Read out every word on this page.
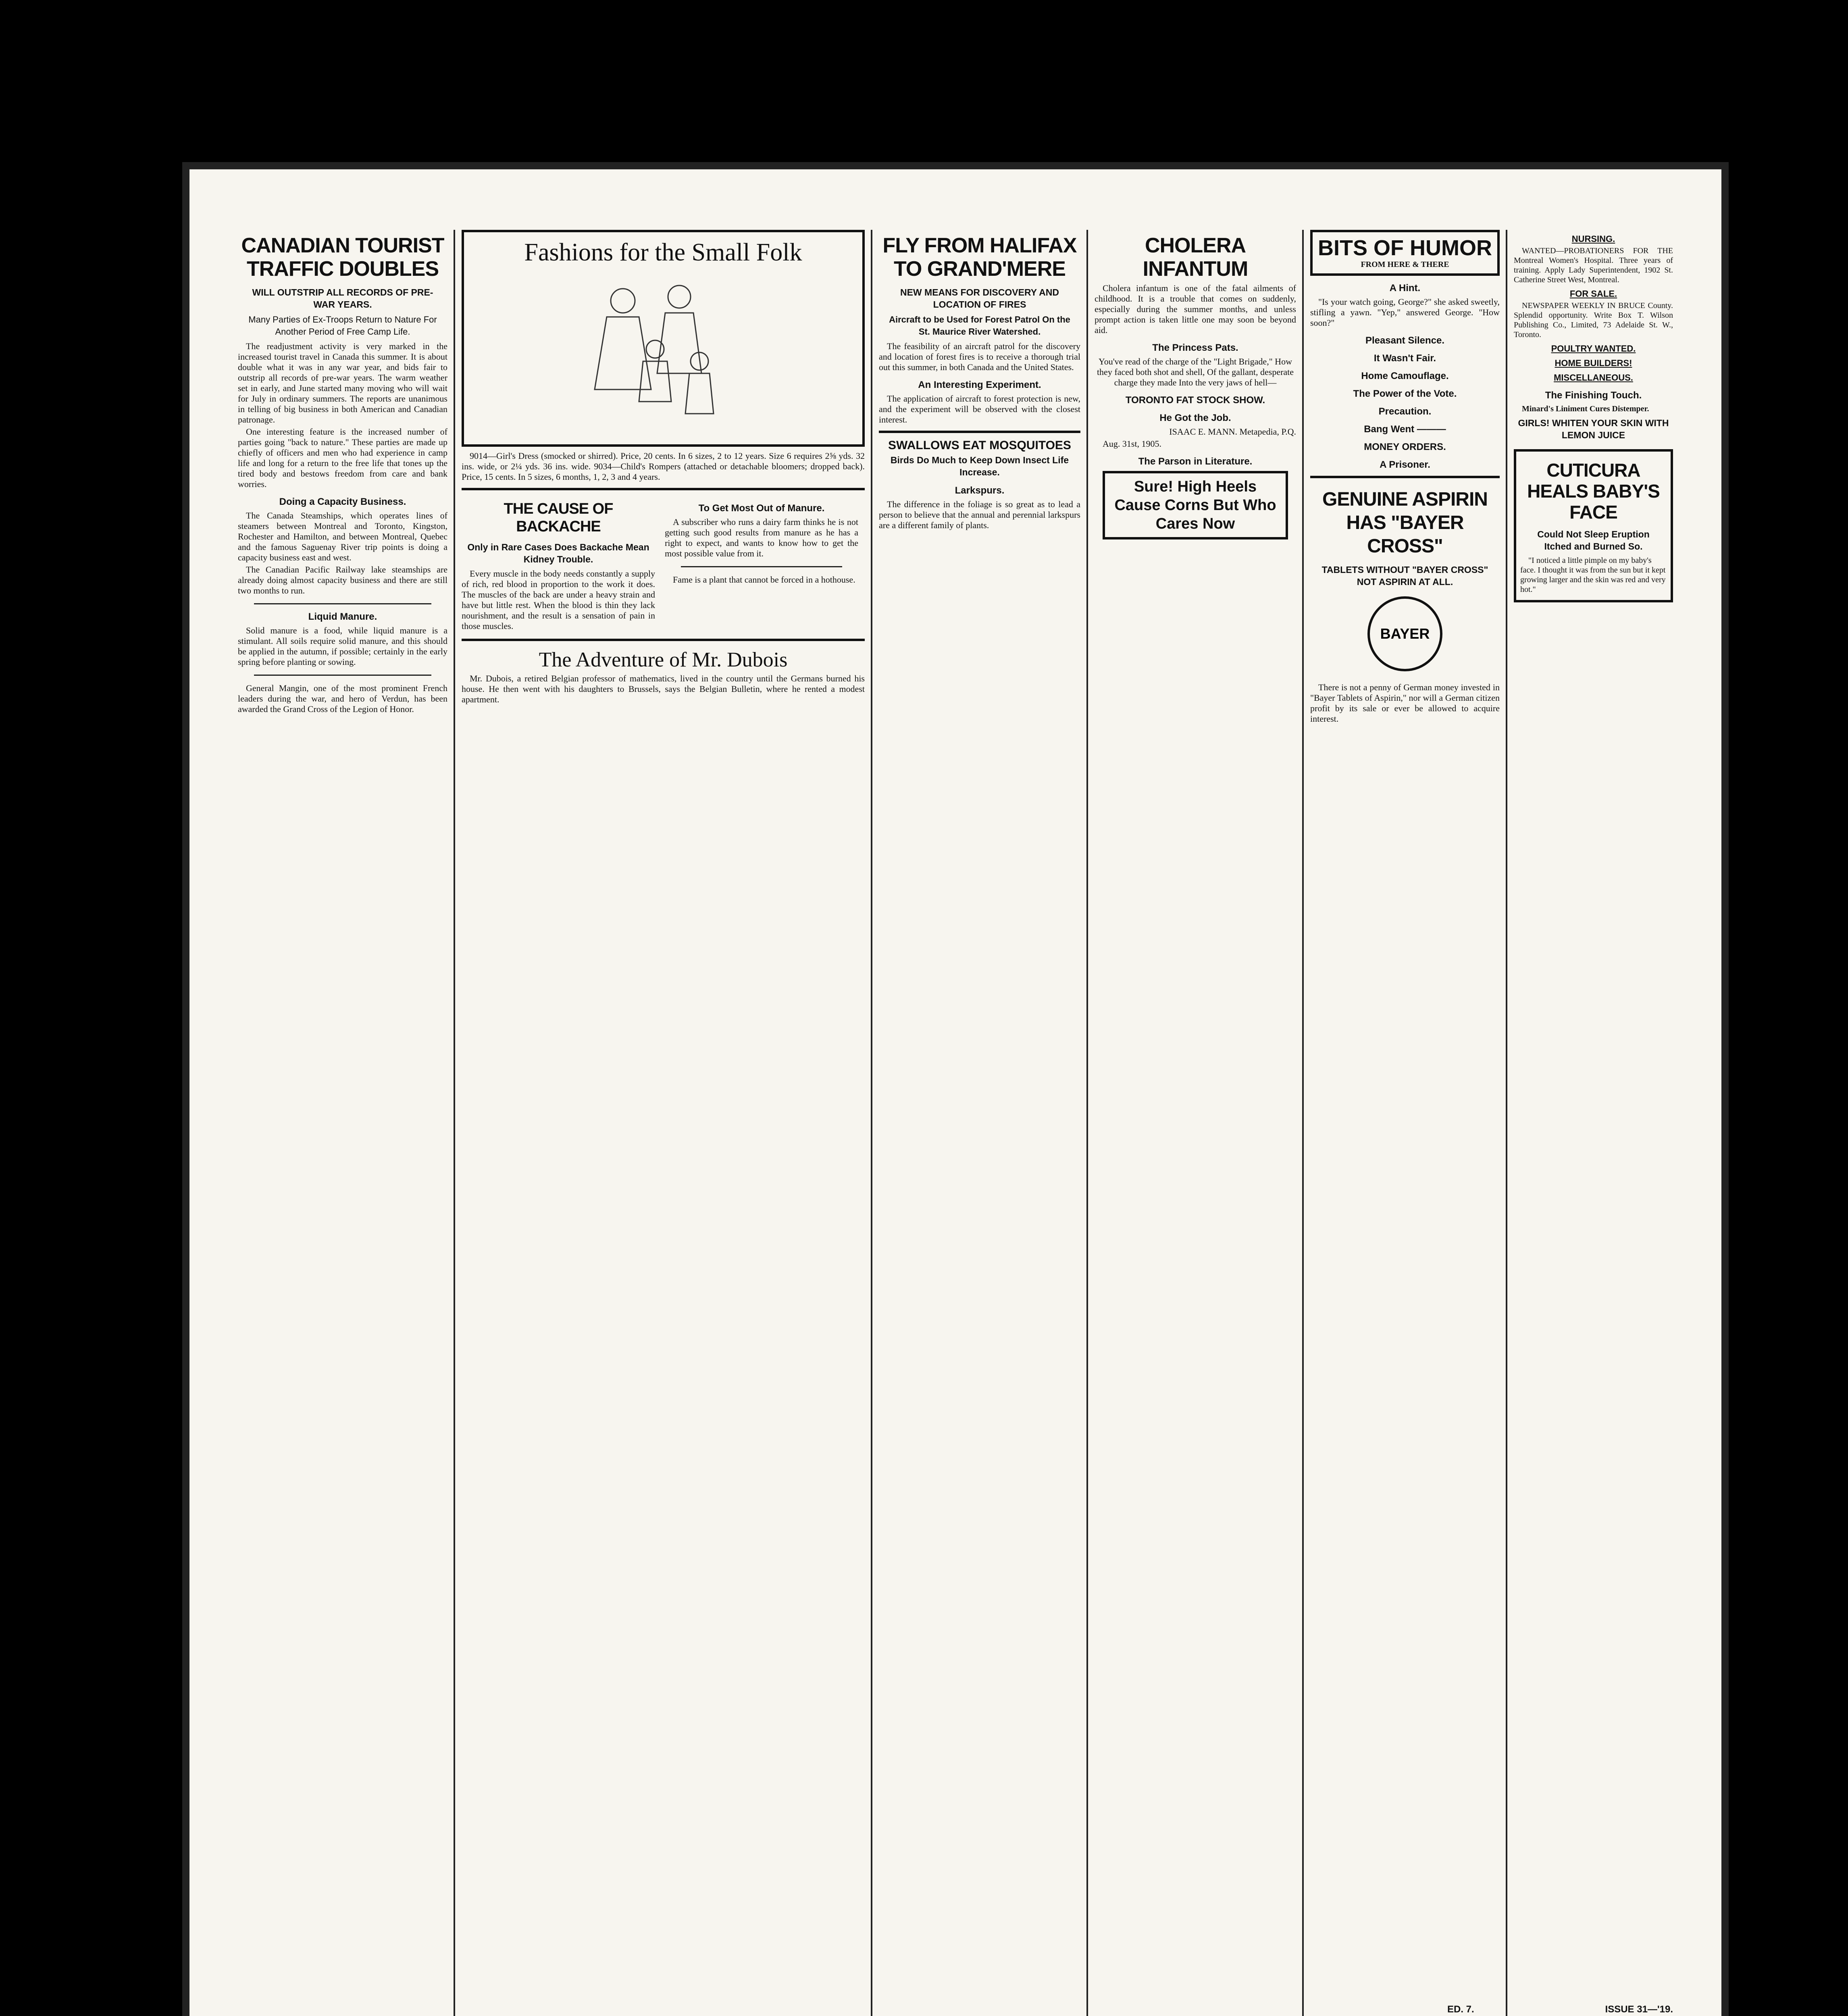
CANADIAN TOURIST TRAFFIC DOUBLES
WILL OUTSTRIP ALL RECORDS OF PRE-WAR YEARS.
Many Parties of Ex-Troops Return to Nature For Another Period of Free Camp Life.

The readjustment activity is very marked in the increased tourist travel in Canada this summer. It is about double what it was in any war year, and bids fair to outstrip all records of pre-war years. The warm weather set in early, and June started many moving who will wait for July in ordinary summers. The reports are unanimous in telling of big business in both American and Canadian patronage.

One interesting feature is the increased number of parties going "back to nature." These parties are made up chiefly of officers and men who had experience in camp life and long for a return to the free life that tones up the tired body and bestows freedom from care and bank worries.

Doing a Capacity Business.

The Canada Steamships, which operates lines of steamers between Montreal and Toronto, Kingston, Rochester and Hamilton, and between Montreal, Quebec and the famous Saguenay River trip points is doing a capacity business east and west.

The Canadian Pacific Railway lake steamships are already doing almost capacity business and there are still two months to run.

Liquid Manure.

Solid manure is a food, while liquid manure is a stimulant. All soils require solid manure, and this should be applied in the autumn, if possible; certainly in the early spring before planting or sowing.

General Mangin, one of the most prominent French leaders during the war, and hero of Verdun, has been awarded the Grand Cross of the Legion of Honor.

Fashions for the Small Folk

9014—Girl's Dress (smocked or shirred). Price, 20 cents. In 6 sizes, 2 to 12 years. Size 6 requires 2⅝ yds. 32 ins. wide, or 2¼ yds. 36 ins. wide. 9034—Child's Rompers (attached or detachable bloomers; dropped back). Price, 15 cents. In 5 sizes, 6 months, 1, 2, 3 and 4 years.

THE CAUSE OF BACKACHE
Only in Rare Cases Does Backache Mean Kidney Trouble.

Every muscle in the body needs constantly a supply of rich, red blood in proportion to the work it does. The muscles of the back are under a heavy strain and have but little rest. When the blood is thin they lack nourishment, and the result is a sensation of pain in those muscles.

To Get Most Out of Manure.

A subscriber who runs a dairy farm thinks he is not getting such good results from manure as he has a right to expect, and wants to know how to get the most possible value from it.

Fame is a plant that cannot be forced in a hothouse.

The Adventure of Mr. Dubois

Mr. Dubois, a retired Belgian professor of mathematics, lived in the country until the Germans burned his house. He then went with his daughters to Brussels, says the Belgian Bulletin, where he rented a modest apartment.

FLY FROM HALIFAX TO GRAND'MERE
NEW MEANS FOR DISCOVERY AND LOCATION OF FIRES
Aircraft to be Used for Forest Patrol On the St. Maurice River Watershed.

The feasibility of an aircraft patrol for the discovery and location of forest fires is to receive a thorough trial out this summer, in both Canada and the United States.

An Interesting Experiment.

The application of aircraft to forest protection is new, and the experiment will be observed with the closest interest.

SWALLOWS EAT MOSQUITOES
Birds Do Much to Keep Down Insect Life Increase.
Larkspurs.

The difference in the foliage is so great as to lead a person to believe that the annual and perennial larkspurs are a different family of plants.

CHOLERA INFANTUM

Cholera infantum is one of the fatal ailments of childhood. It is a trouble that comes on suddenly, especially during the summer months, and unless prompt action is taken little one may soon be beyond aid.

The Princess Pats.

You've read of the charge of the "Light Brigade," How they faced both shot and shell, Of the gallant, desperate charge they made Into the very jaws of hell—

TORONTO FAT STOCK SHOW.
He Got the Job.

ISAAC E. MANN. Metapedia, P.Q.

Aug. 31st, 1905.

The Parson in Literature.
Sure! High Heels Cause Corns But Who Cares Now
BITS OF HUMOR
FROM HERE & THERE
A Hint.

"Is your watch going, George?" she asked sweetly, stifling a yawn. "Yep," answered George. "How soon?"

Pleasant Silence.
It Wasn't Fair.
Home Camouflage.
The Power of the Vote.
Precaution.
Bang Went ———
MONEY ORDERS.
A Prisoner.
GENUINE ASPIRIN HAS "BAYER CROSS"
TABLETS WITHOUT "BAYER CROSS" NOT ASPIRIN AT ALL.
BAYER

There is not a penny of German money invested in "Bayer Tablets of Aspirin," nor will a German citizen profit by its sale or ever be allowed to acquire interest.

NURSING.

WANTED—PROBATIONERS FOR THE Montreal Women's Hospital. Three years of training. Apply Lady Superintendent, 1902 St. Catherine Street West, Montreal.

FOR SALE.

NEWSPAPER WEEKLY IN BRUCE County. Splendid opportunity. Write Box T. Wilson Publishing Co., Limited, 73 Adelaide St. W., Toronto.

POULTRY WANTED.
HOME BUILDERS!
MISCELLANEOUS.
The Finishing Touch.

Minard's Liniment Cures Distemper.

GIRLS! WHITEN YOUR SKIN WITH LEMON JUICE
CUTICURA HEALS BABY'S FACE
Could Not Sleep Eruption Itched and Burned So.

"I noticed a little pimple on my baby's face. I thought it was from the sun but it kept growing larger and the skin was red and very hot."

ED. 7.	ISSUE 31—'19.
